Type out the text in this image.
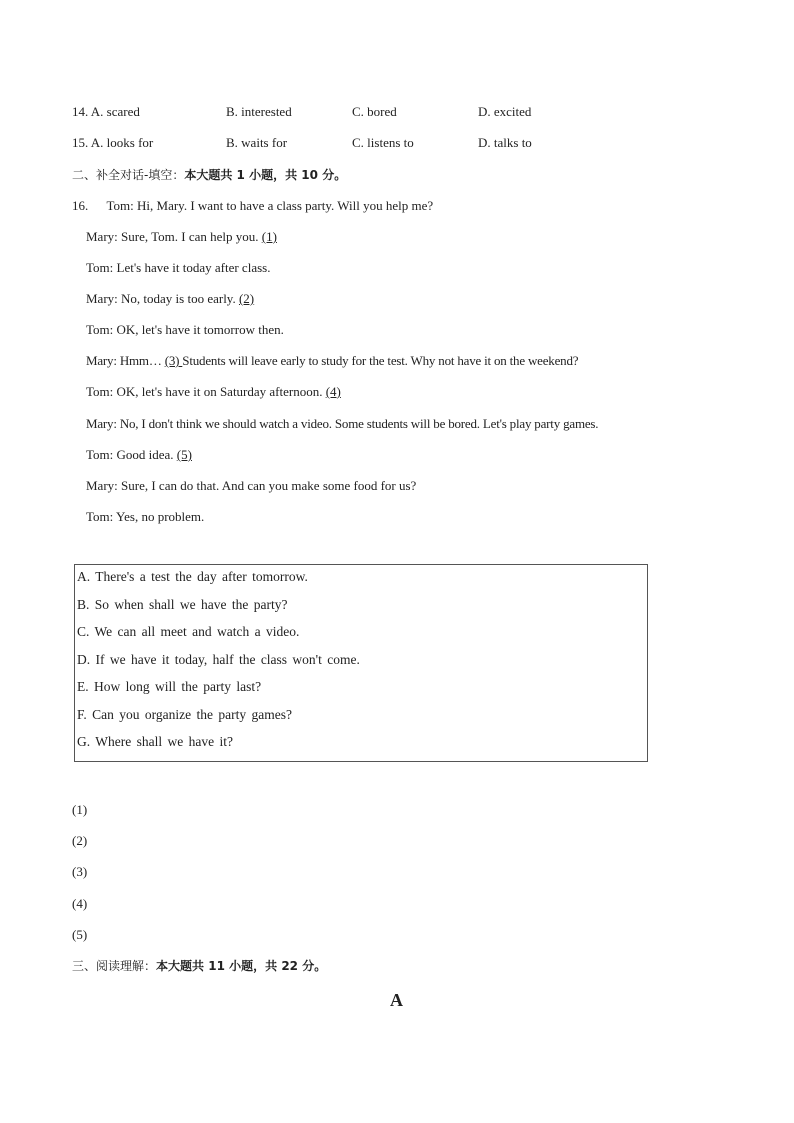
14. A. scared	B. interested	C. bored	D. excited
15. A. looks for	B. waits for	C. listens to	D. talks to
二、补全对话-填空：本大题共 1 小题，共 10 分。
16. Tom: Hi, Mary. I want to have a class party. Will you help me?
Mary: Sure, Tom. I can help you. (1)
Tom: Let's have it today after class.
Mary: No, today is too early. (2)
Tom: OK, let's have it tomorrow then.
Mary: Hmm… (3) Students will leave early to study for the test. Why not have it on the weekend?
Tom: OK, let's have it on Saturday afternoon. (4)
Mary: No, I don't think we should watch a video. Some students will be bored. Let's play party games.
Tom: Good idea. (5)
Mary: Sure, I can do that. And can you make some food for us?
Tom: Yes, no problem.
A. There's a test the day after tomorrow.
B. So when shall we have the party?
C. We can all meet and watch a video.
D. If we have it today, half the class won't come.
E. How long will the party last?
F. Can you organize the party games?
G. Where shall we have it?
(1)
(2)
(3)
(4)
(5)
三、阅读理解：本大题共 11 小题，共 22 分。
A
